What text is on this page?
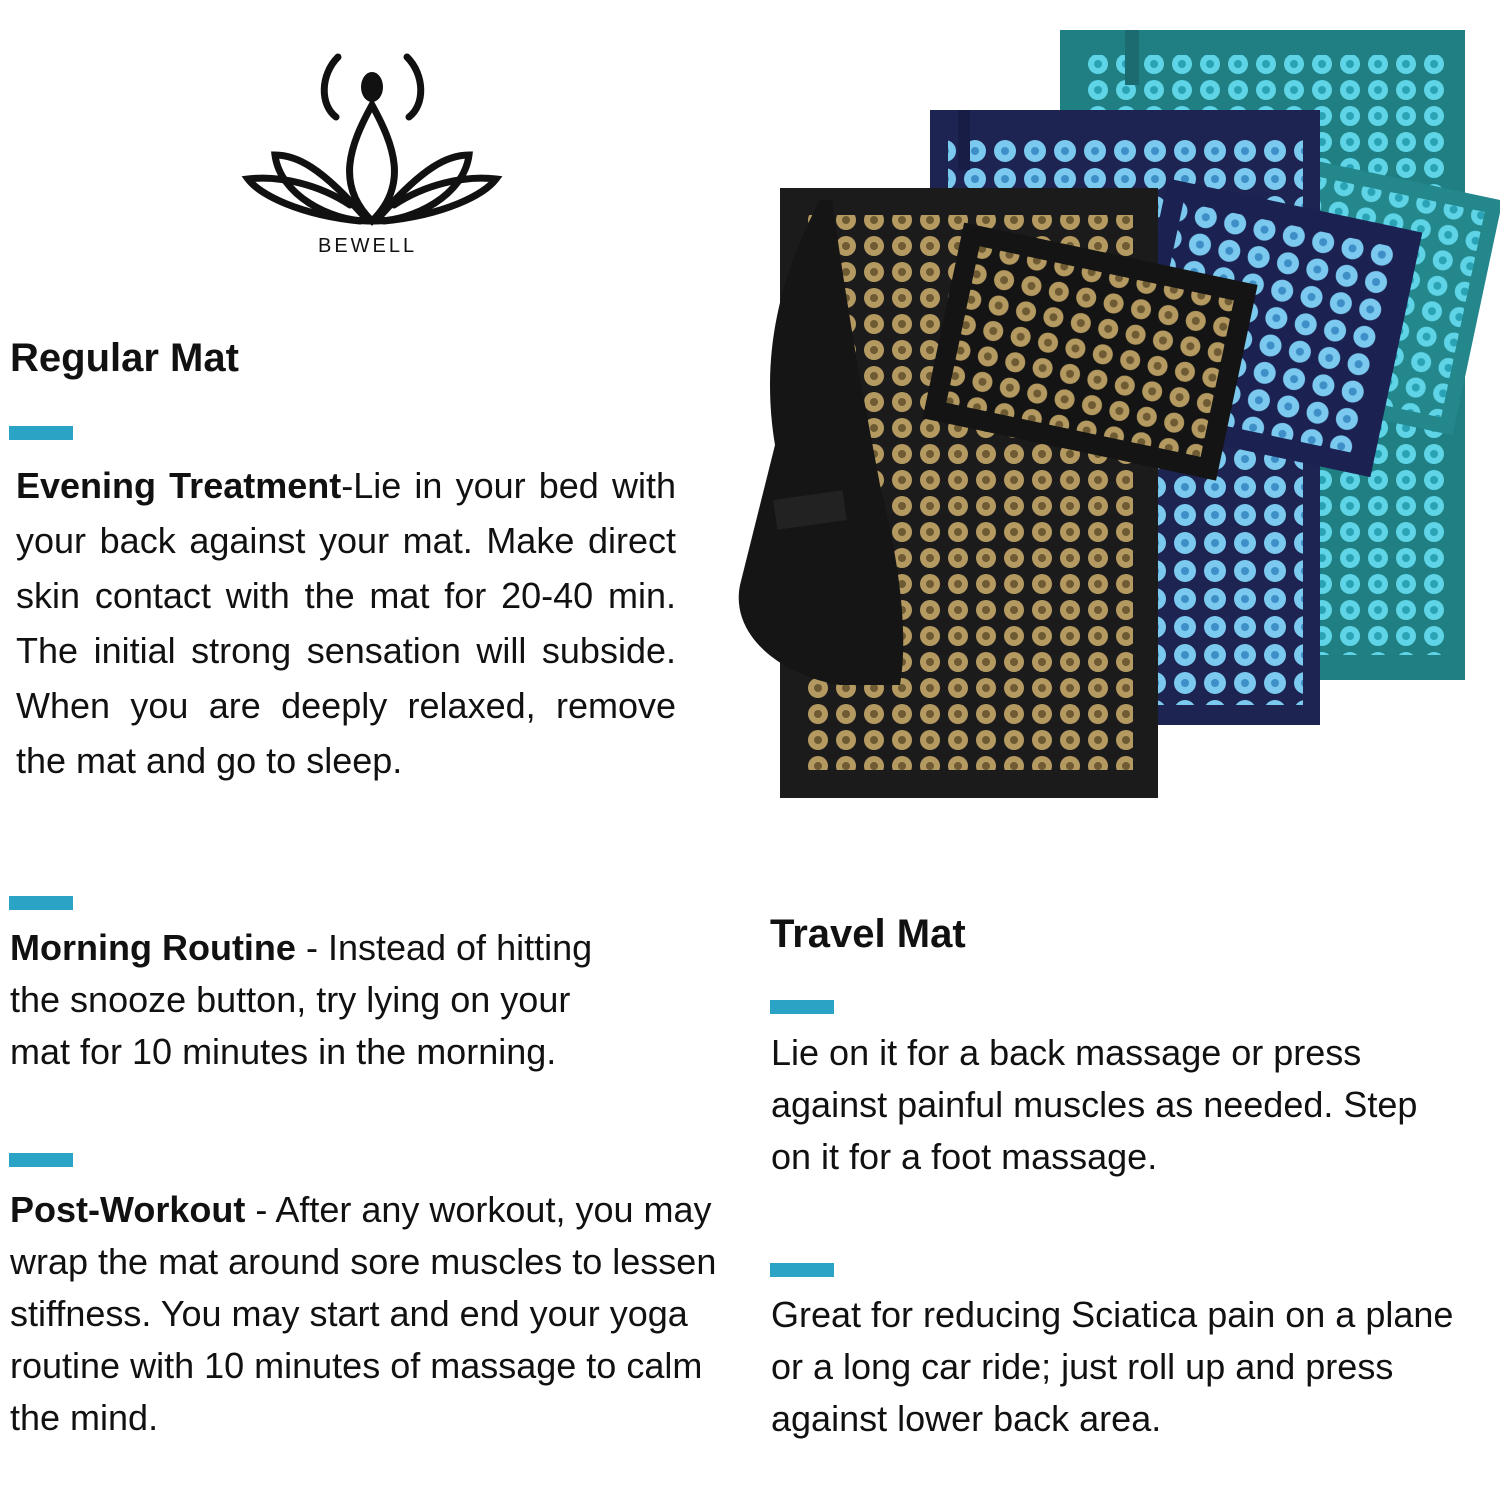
BEWELL
Regular Mat

Evening Treatment-Lie in your bed with your back against your mat. Make direct skin contact with the mat for 20-40 min. The initial strong sensation will subside. When you are deeply relaxed, remove the mat and go to sleep.

Morning Routine - Instead of hitting the snooze button, try lying on your mat for 10 minutes in the morning.

Post-Workout - After any workout, you may wrap the mat around sore muscles to lessen stiffness. You may start and end your yoga routine with 10 minutes of massage to calm the mind.

Travel Mat

Lie on it for a back massage or press against painful muscles as needed. Step on it for a foot massage.

Great for reducing Sciatica pain on a plane or a long car ride; just roll up and press against lower back area.
